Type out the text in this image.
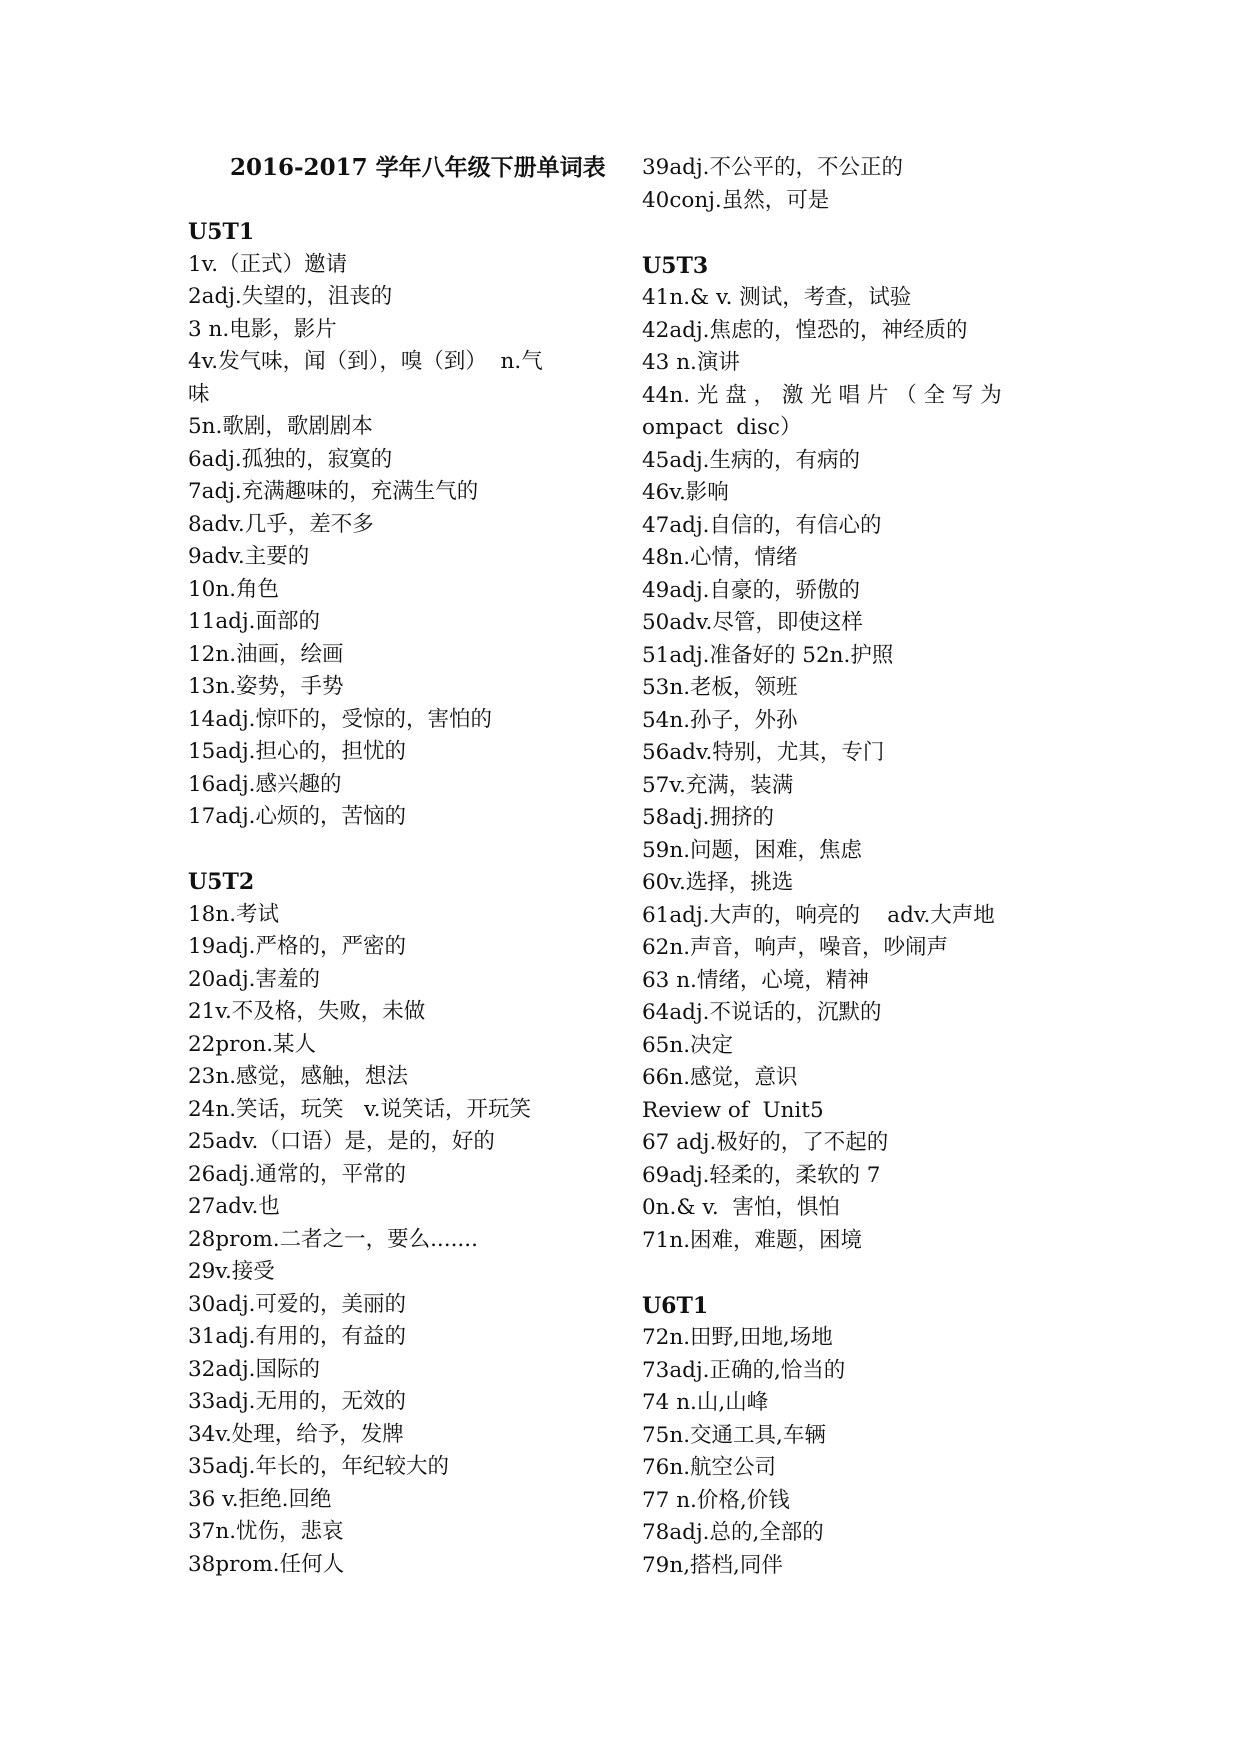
2016-2017 学年八年级下册单词表
U5T1
1v.（正式）邀请
2adj.失望的，沮丧的
3 n.电影，影片
4v.发气味，闻（到），嗅（到）  n.气
味
5n.歌剧，歌剧剧本
6adj.孤独的，寂寞的
7adj.充满趣味的，充满生气的
8adv.几乎，差不多
9adv.主要的
10n.角色
11adj.面部的
12n.油画，绘画
13n.姿势，手势
14adj.惊吓的，受惊的，害怕的
15adj.担心的，担忧的
16adj.感兴趣的
17adj.心烦的，苦恼的
U5T2
18n.考试
19adj.严格的，严密的
20adj.害羞的
21v.不及格，失败，未做
22pron.某人
23n.感觉，感触，想法
24n.笑话，玩笑   v.说笑话，开玩笑
25adv.（口语）是，是的，好的
26adj.通常的，平常的
27adv.也
28prom.二者之一，要么.......
29v.接受
30adj.可爱的，美丽的
31adj.有用的，有益的
32adj.国际的
33adj.无用的，无效的
34v.处理，给予，发牌
35adj.年长的，年纪较大的
36 v.拒绝.回绝
37n.忧伤，悲哀
38prom.任何人
39adj.不公平的，不公正的
40conj.虽然，可是
U5T3
41n.& v. 测试，考查，试验
42adj.焦虑的，惶恐的，神经质的
43 n.演讲
44n. 光 盘 ， 激 光 唱 片 （ 全 写 为
ompact  disc）
45adj.生病的，有病的
46v.影响
47adj.自信的，有信心的
48n.心情，情绪
49adj.自豪的，骄傲的
50adv.尽管，即使这样
51adj.准备好的 52n.护照
53n.老板，领班
54n.孙子，外孙
56adv.特别，尤其，专门
57v.充满，装满
58adj.拥挤的
59n.问题，困难，焦虑
60v.选择，挑选
61adj.大声的，响亮的    adv.大声地
62n.声音，响声，噪音，吵闹声
63 n.情绪，心境，精神
64adj.不说话的，沉默的
65n.决定
66n.感觉，意识
Review of  Unit5
67 adj.极好的，了不起的
69adj.轻柔的，柔软的 7
0n.& v.  害怕，惧怕
71n.困难，难题，困境
U6T1
72n.田野,田地,场地
73adj.正确的,恰当的
74 n.山,山峰
75n.交通工具,车辆
76n.航空公司
77 n.价格,价钱
78adj.总的,全部的
79n,搭档,同伴
